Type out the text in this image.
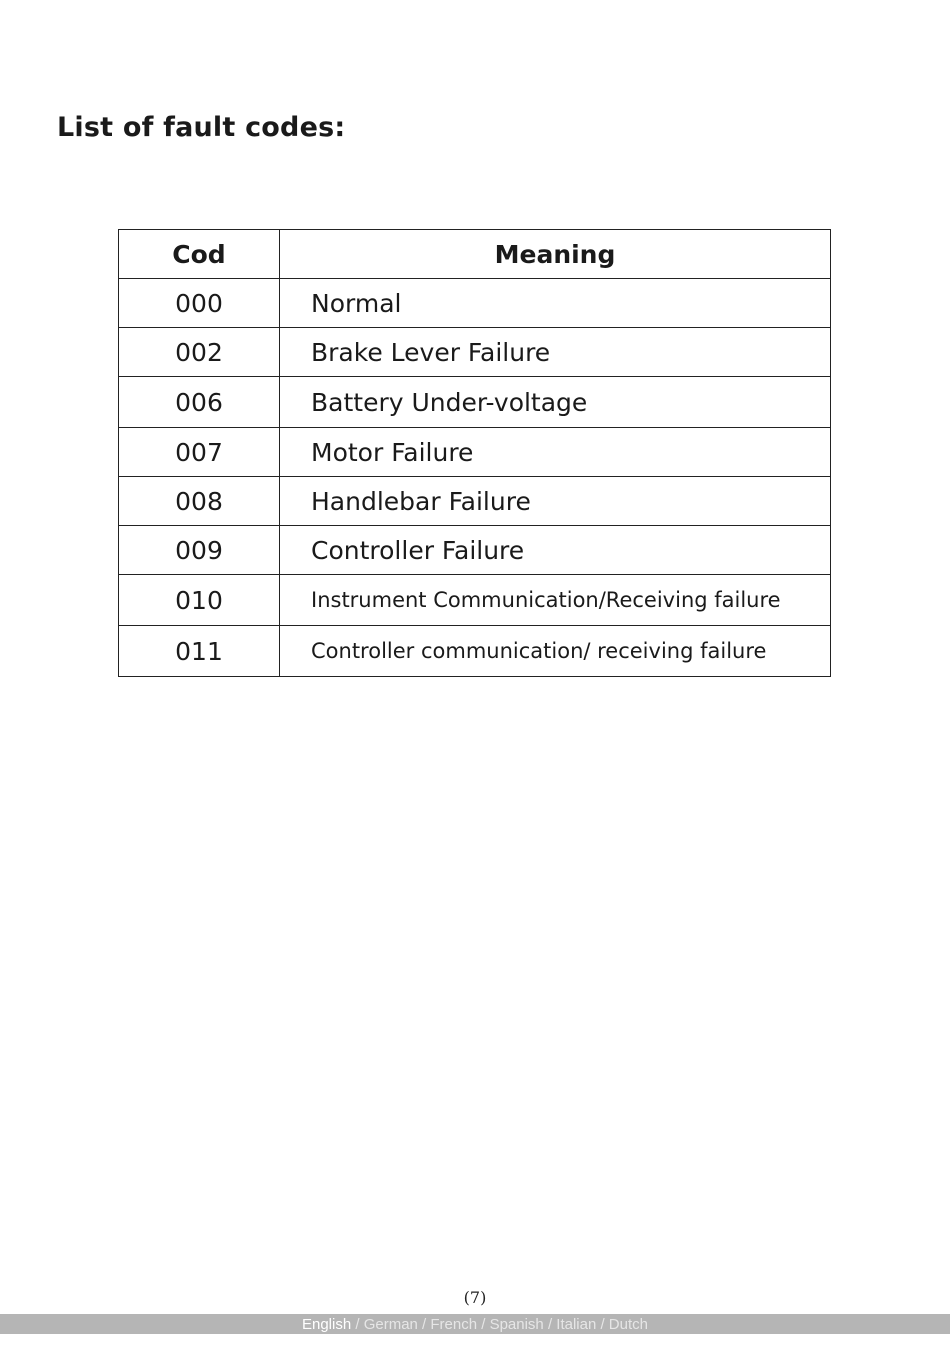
List of fault codes:
Cod	Meaning
000	Normal
002	Brake Lever Failure
006	Battery Under-voltage
007	Motor Failure
008	Handlebar Failure
009	Controller Failure
010	Instrument Communication/Receiving failure
011	Controller communication/ receiving failure
(7)
English / German / French / Spanish / Italian / Dutch
